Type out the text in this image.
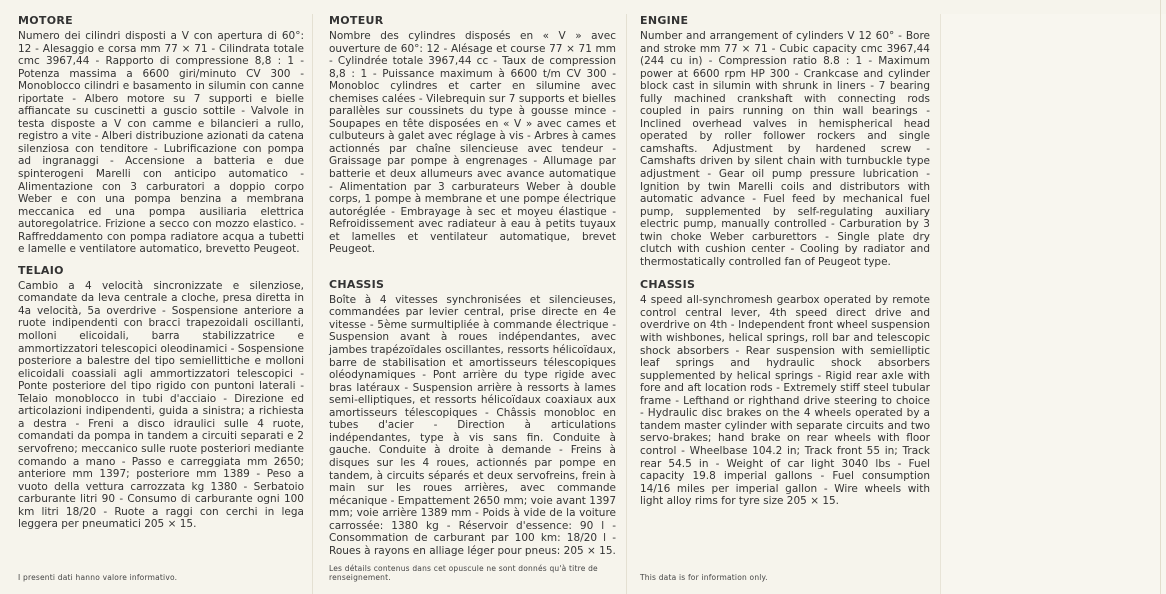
MOTORE

Numero dei cilindri disposti a V con apertura di 60°: 12 - Alesaggio e corsa mm 77 × 71 - Cilindrata totale cmc 3967,44 - Rapporto di compressione 8,8 : 1 - Potenza massima a 6600 giri/minuto CV 300 - Monoblocco cilindri e basamento in silumin con canne riportate - Albero motore su 7 supporti e bielle affiancate su cuscinetti a guscio sottile - Valvole in testa disposte a V con camme e bilancieri a rullo, registro a vite - Alberi distribuzione azionati da catena silenziosa con tenditore - Lubrificazione con pompa ad ingranaggi - Accensione a batteria e due spinterogeni Marelli con anticipo automatico - Alimentazione con 3 carburatori a doppio corpo Weber e con una pompa benzina a membrana meccanica ed una pompa ausiliaria elettrica autoregolatrice. Frizione a secco con mozzo elastico. - Raffreddamento con pompa radiatore acqua a tubetti e lamelle e ventilatore automatico, brevetto Peugeot.

TELAIO

Cambio a 4 velocità sincronizzate e silenziose, comandate da leva centrale a cloche, presa diretta in 4a velocità, 5a overdrive - Sospensione anteriore a ruote indipendenti con bracci trapezoidali oscillanti, molloni elicoidali, barra stabilizzatrice e ammortizzatori telescopici oleodinamici - Sospensione posteriore a balestre del tipo semiellittiche e molloni elicoidali coassiali agli ammortizzatori telescopici - Ponte posteriore del tipo rigido con puntoni laterali - Telaio monoblocco in tubi d'acciaio - Direzione ed articolazioni indipendenti, guida a sinistra; a richiesta a destra - Freni a disco idraulici sulle 4 ruote, comandati da pompa in tandem a circuiti separati e 2 servofreno; meccanico sulle ruote posteriori mediante comando a mano - Passo e carreggiata mm 2650; anteriore mm 1397; posteriore mm 1389 - Peso a vuoto della vettura carrozzata kg 1380 - Serbatoio carburante litri 90 - Consumo di carburante ogni 100 km litri 18/20 - Ruote a raggi con cerchi in lega leggera per pneumatici 205 × 15.

I presenti dati hanno valore informativo.
MOTEUR

Nombre des cylindres disposés en « V » avec ouverture de 60°: 12 - Alésage et course 77 × 71 mm - Cylindrée totale 3967,44 cc - Taux de compression 8,8 : 1 - Puissance maximum à 6600 t/m CV 300 - Monobloc cylindres et carter en silumine avec chemises calées - Vilebrequin sur 7 supports et bielles parallèles sur coussinets du type à gousse mince - Soupapes en tête disposées en « V » avec cames et culbuteurs à galet avec réglage à vis - Arbres à cames actionnés par chaîne silencieuse avec tendeur - Graissage par pompe à engrenages - Allumage par batterie et deux allumeurs avec avance automatique - Alimentation par 3 carburateurs Weber à double corps, 1 pompe à membrane et une pompe électrique autoréglée - Embrayage à sec et moyeu élastique - Refroidissement avec radiateur à eau à petits tuyaux et lamelles et ventilateur automatique, brevet Peugeot.

CHASSIS

Boîte à 4 vitesses synchronisées et silencieuses, commandées par levier central, prise directe en 4e vitesse - 5ème surmultipliée à commande électrique - Suspension avant à roues indépendantes, avec jambes trapézoïdales oscillantes, ressorts hélicoïdaux, barre de stabilisation et amortisseurs télescopiques oléodynamiques - Pont arrière du type rigide avec bras latéraux - Suspension arrière à ressorts à lames semi-elliptiques, et ressorts hélicoïdaux coaxiaux aux amortisseurs télescopiques - Châssis monobloc en tubes d'acier - Direction à articulations indépendantes, type à vis sans fin. Conduite à gauche. Conduite à droite à demande - Freins à disques sur les 4 roues, actionnés par pompe en tandem, à circuits séparés et deux servofreins, frein à main sur les roues arrières, avec commande mécanique - Empattement 2650 mm; voie avant 1397 mm; voie arrière 1389 mm - Poids à vide de la voiture carrossée: 1380 kg - Réservoir d'essence: 90 l - Consommation de carburant par 100 km: 18/20 l - Roues à rayons en alliage léger pour pneus: 205 × 15.

Les détails contenus dans cet opuscule ne sont donnés qu'à titre de renseignement.
ENGINE

Number and arrangement of cylinders V 12 60° - Bore and stroke mm 77 × 71 - Cubic capacity cmc 3967,44 (244 cu in) - Compression ratio 8.8 : 1 - Maximum power at 6600 rpm HP 300 - Crankcase and cylinder block cast in silumin with shrunk in liners - 7 bearing fully machined crankshaft with connecting rods coupled in pairs running on thin wall bearings - Inclined overhead valves in hemispherical head operated by roller follower rockers and single camshafts. Adjustment by hardened screw - Camshafts driven by silent chain with turnbuckle type adjustment - Gear oil pump pressure lubrication - Ignition by twin Marelli coils and distributors with automatic advance - Fuel feed by mechanical fuel pump, supplemented by self-regulating auxiliary electric pump, manually controlled - Carburation by 3 twin choke Weber carburettors - Single plate dry clutch with cushion center - Cooling by radiator and thermostatically controlled fan of Peugeot type.

CHASSIS

4 speed all-synchromesh gearbox operated by remote control central lever, 4th speed direct drive and overdrive on 4th - Independent front wheel suspension with wishbones, helical springs, roll bar and telescopic shock absorbers - Rear suspension with semielliptic leaf springs and hydraulic shock absorbers supplemented by helical springs - Rigid rear axle with fore and aft location rods - Extremely stiff steel tubular frame - Lefthand or righthand drive steering to choice - Hydraulic disc brakes on the 4 wheels operated by a tandem master cylinder with separate circuits and two servo-brakes; hand brake on rear wheels with floor control - Wheelbase 104.2 in; Track front 55 in; Track rear 54.5 in - Weight of car light 3040 lbs - Fuel capacity 19.8 imperial gallons - Fuel consumption 14/16 miles per imperial gallon - Wire wheels with light alloy rims for tyre size 205 × 15.

This data is for information only.
